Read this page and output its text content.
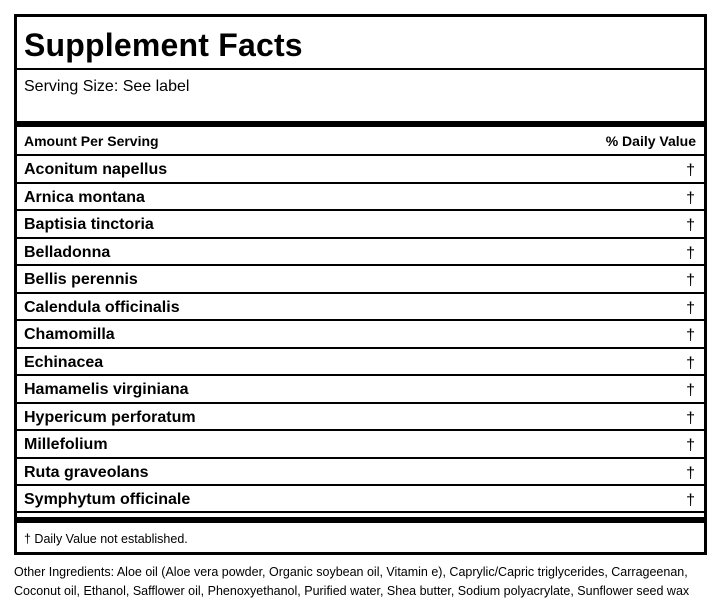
Supplement Facts
Serving Size: See label
Amount Per Serving	% Daily Value
Aconitum napellus	†
Arnica montana	†
Baptisia tinctoria	†
Belladonna	†
Bellis perennis	†
Calendula officinalis	†
Chamomilla	†
Echinacea	†
Hamamelis virginiana	†
Hypericum perforatum	†
Millefolium	†
Ruta graveolans	†
Symphytum officinale	†
† Daily Value not established.
Other Ingredients: Aloe oil (Aloe vera powder, Organic soybean oil, Vitamin e), Caprylic/Capric triglycerides, Carrageenan, Coconut oil, Ethanol, Safflower oil, Phenoxyethanol, Purified water, Shea butter, Sodium polyacrylate, Sunflower seed wax
